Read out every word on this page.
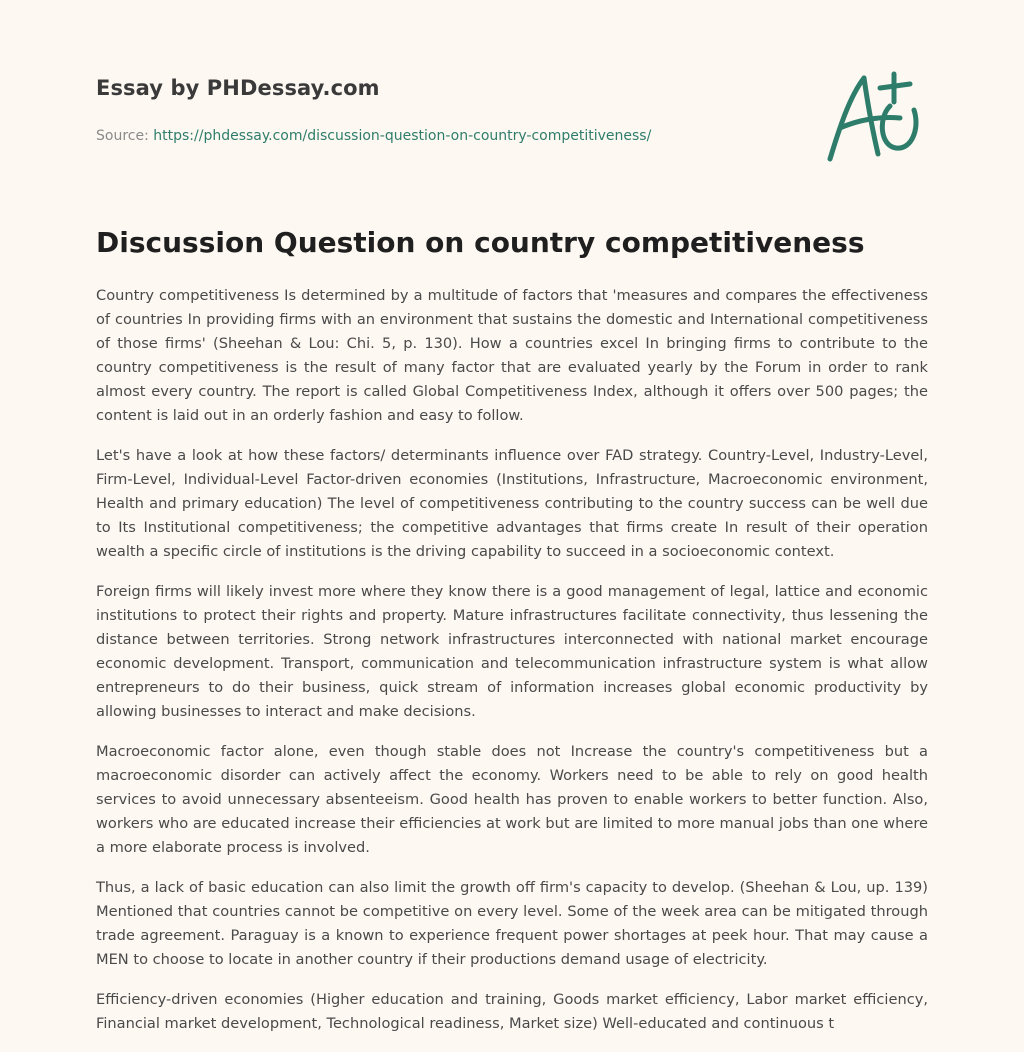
Essay by PHDessay.com
Source: https://phdessay.com/discussion-question-on-country-competitiveness/
Discussion Question on country competitiveness

Country competitiveness Is determined by a multitude of factors that 'measures and compares the effectiveness of countries In providing firms with an environment that sustains the domestic and International competitiveness of those firms' (Sheehan & Lou: Chi. 5, p. 130). How a countries excel In bringing firms to contribute to the country competitiveness is the result of many factor that are evaluated yearly by the Forum in order to rank almost every country. The report is called Global Competitiveness Index, although it offers over 500 pages; the content is laid out in an orderly fashion and easy to follow.

Let's have a look at how these factors/ determinants influence over FAD strategy. Country-Level, Industry-Level, Firm-Level, Individual-Level Factor-driven economies (Institutions, Infrastructure, Macroeconomic environment, Health and primary education) The level of competitiveness contributing to the country success can be well due to Its Institutional competitiveness; the competitive advantages that firms create In result of their operation wealth a specific circle of institutions is the driving capability to succeed in a socioeconomic context.

Foreign firms will likely invest more where they know there is a good management of legal, lattice and economic institutions to protect their rights and property. Mature infrastructures facilitate connectivity, thus lessening the distance between territories. Strong network infrastructures interconnected with national market encourage economic development. Transport, communication and telecommunication infrastructure system is what allow entrepreneurs to do their business, quick stream of information increases global economic productivity by allowing businesses to interact and make decisions.

Macroeconomic factor alone, even though stable does not Increase the country's competitiveness but a macroeconomic disorder can actively affect the economy. Workers need to be able to rely on good health services to avoid unnecessary absenteeism. Good health has proven to enable workers to better function. Also, workers who are educated increase their efficiencies at work but are limited to more manual jobs than one where a more elaborate process is involved.

Thus, a lack of basic education can also limit the growth off firm's capacity to develop. (Sheehan & Lou, up. 139) Mentioned that countries cannot be competitive on every level. Some of the week area can be mitigated through trade agreement. Paraguay is a known to experience frequent power shortages at peek hour. That may cause a MEN to choose to locate in another country if their productions demand usage of electricity.

Efficiency-driven economies (Higher education and training, Goods market efficiency, Labor market efficiency, Financial market development, Technological readiness, Market size) Well-educated and continuous t
